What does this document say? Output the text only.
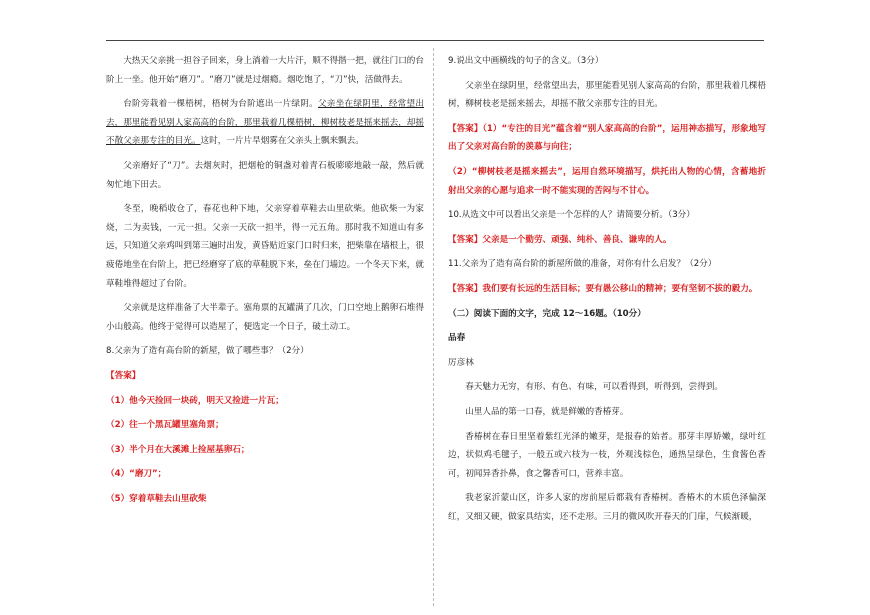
大热天父亲挑一担谷子回来，身上淌着一大片汗，顺不得揩一把，就往门口的台阶上一坐。他开始“磨刀”。“磨刀”就是过烟瘾。烟吃饱了，“刀”快，活做得去。

台阶旁栽着一棵梧树，梧树为台阶遮出一片绿阴。父亲坐在绿阴里，经常望出去，那里能看见别人家高高的台阶，那里栽着几棵梧树，柳树枝老是摇来摇去，却摇不散父亲那专注的目光。这时，一片片旱烟雾在父亲头上飘来飘去。

父亲磨好了“刀”。去烟灰时，把烟枪的铜盏对着青石板嘭嘭地敲一敲，然后就匆忙地下田去。

冬至，晚稻收仓了，春花也种下地，父亲穿着草鞋去山里砍柴。他砍柴一为家烧，二为卖钱，一元一担。父亲一天砍一担半，得一元五角。那时我不知道山有多远，只知道父亲鸡叫到第三遍时出发，黄昏贴近家门口时归来，把柴靠在墙根上，很疲倦地坐在台阶上，把已经磨穿了底的草鞋脱下来，垒在门墙边。一个冬天下来，就草鞋堆得超过了台阶。

父亲就是这样准备了大半辈子。塞角票的瓦罐满了几次，门口空地上鹅卵石堆得小山般高。他终于觉得可以造屋了，便选定一个日子，破土动工。

8.父亲为了造有高台阶的新屋，做了哪些事？（2分）

【答案】

（1）他今天捡回一块砖，明天又捡进一片瓦；

（2）往一个黑瓦罐里塞角票；

（3）半个月在大溪滩上捡屋基卵石；

（4）“磨刀”；

（5）穿着草鞋去山里砍柴

9.说出文中画横线的句子的含义。（3分）

父亲坐在绿阴里，经常望出去，那里能看见别人家高高的台阶，那里栽着几棵梧树，柳树枝老是摇来摇去，却摇不散父亲那专注的目光。

【答案】（1）“专注的目光”蕴含着“别人家高高的台阶”，运用神态描写，形象地写出了父亲对高台阶的羡慕与向往；

（2）“柳树枝老是摇来摇去”，运用自然环境描写，烘托出人物的心情，含蓄地折射出父亲的心愿与追求一时不能实现的苦闷与不甘心。

10.从选文中可以看出父亲是一个怎样的人？请简要分析。（3分）

【答案】父亲是一个勤劳、顽强、纯朴、善良、谦卑的人。

11.父亲为了造有高台阶的新屋所做的准备，对你有什么启发？（2分）

【答案】我们要有长远的生活目标；要有愚公移山的精神；要有坚韧不拔的毅力。

（二）阅读下面的文字，完成 12～16题。（10分）

品春

厉彦林

春天魅力无穷，有形、有色、有味，可以看得到，听得到，尝得到。

山里人品的第一口春，就是鲜嫩的香椿芽。

香椿树在春日里坚着紫红光泽的嫩芽，是报春的始者。那芽丰厚娇嫩，绿叶红边，状似鸡毛毽子，一般五或六枝为一枝，外观浅棕色，通热呈绿色，生食酱色香可，初闻异香扑鼻，食之馨香可口，营养丰富。

我老家沂蒙山区，许多人家的房前屋后都栽有香椿树。香椿木的木质色泽偏深红，又细又硬，做家具结实，还不走形。三月的微风吹开春天的门扉，气候渐暖，
